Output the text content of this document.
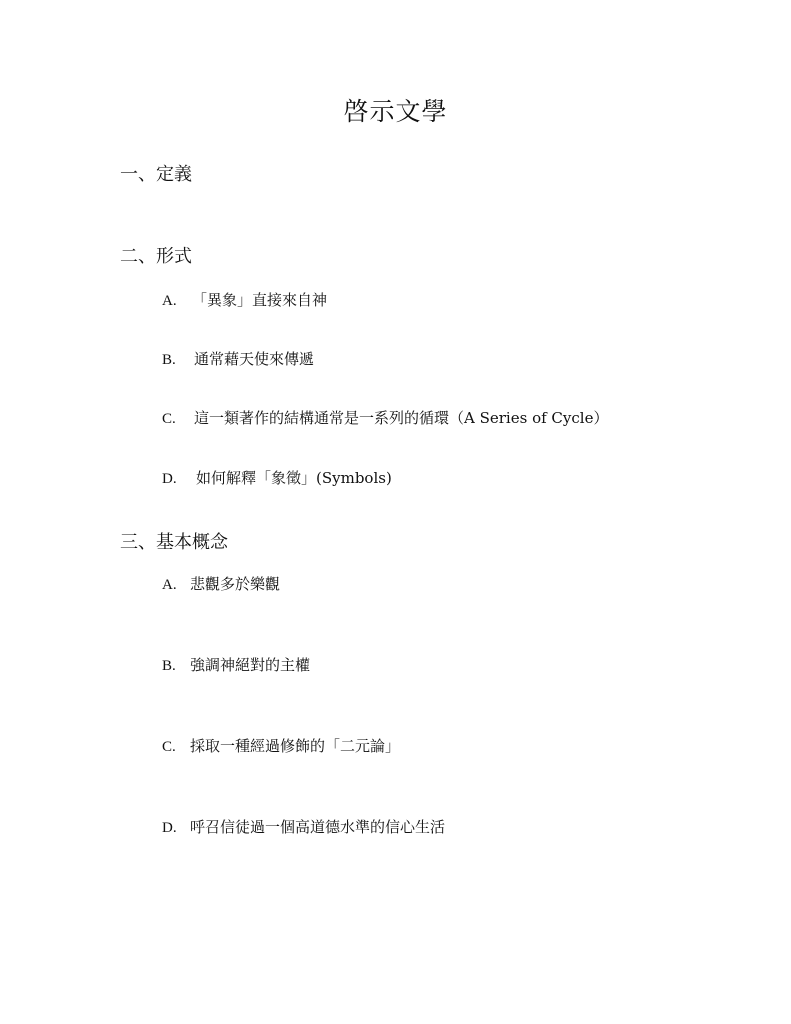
啓示文學
一、定義
二、形式
A. 「異象」直接來自神
B. 通常藉天使來傳遞
C. 這一類著作的結構通常是一系列的循環（A Series of Cycle）
D. 如何解釋「象徵」(Symbols)
三、基本概念
A. 悲觀多於樂觀
B. 強調神絕對的主權
C. 採取一種經過修飾的「二元論」
D. 呼召信徒過一個高道德水準的信心生活
